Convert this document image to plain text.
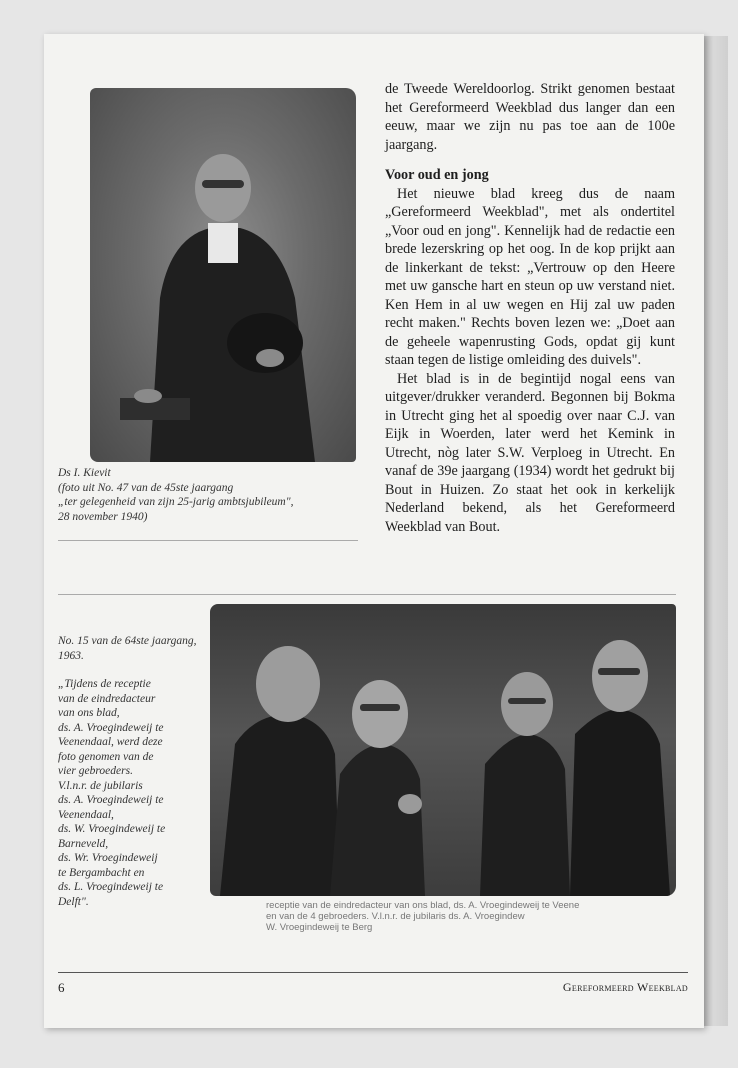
Ds I. Kievit
(foto uit No. 47 van de 45ste jaargang
„ter gelegenheid van zijn 25-jarig ambtsjubileum",
28 november 1940)

de Tweede Wereldoorlog. Strikt genomen bestaat het Gereformeerd Weekblad dus langer dan een eeuw, maar we zijn nu pas toe aan de 100e jaargang.

Voor oud en jong

Het nieuwe blad kreeg dus de naam „Gereformeerd Weekblad", met als ondertitel „Voor oud en jong". Kennelijk had de redactie een brede lezerskring op het oog. In de kop prijkt aan de linkerkant de tekst: „Vertrouw op den Heere met uw gansche hart en steun op uw verstand niet. Ken Hem in al uw wegen en Hij zal uw paden recht maken." Rechts boven lezen we: „Doet aan de geheele wapenrusting Gods, opdat gij kunt staan tegen de listige omleiding des duivels".

Het blad is in de begintijd nogal eens van uitgever/drukker veranderd. Begonnen bij Bokma in Utrecht ging het al spoedig over naar C.J. van Eijk in Woerden, later werd het Kemink in Utrecht, nòg later S.W. Verploeg in Utrecht. En vanaf de 39e jaargang (1934) wordt het gedrukt bij Bout in Huizen. Zo staat het ook in kerkelijk Nederland bekend, als het Gereformeerd Weekblad van Bout.

No. 15 van de 64ste jaargang, 1963.

„Tijdens de receptie
van de eindredacteur
van ons blad,
ds. A. Vroegindeweij te
Veenendaal, werd deze
foto genomen van de
vier gebroeders.
V.l.n.r. de jubilaris
ds. A. Vroegindeweij te
Veenendaal,
ds. W. Vroegindeweij te
Barneveld,
ds. Wr. Vroegindeweij
te Bergambacht en
ds. L. Vroegindeweij te
Delft".	receptie van de eindredacteur van ons blad, ds. A. Vroegindeweij te Veene
en van de 4 gebroeders. V.l.n.r. de jubilaris ds. A. Vroegindew
W. Vroegindeweij te Berg
6	Gereformeerd Weekblad
